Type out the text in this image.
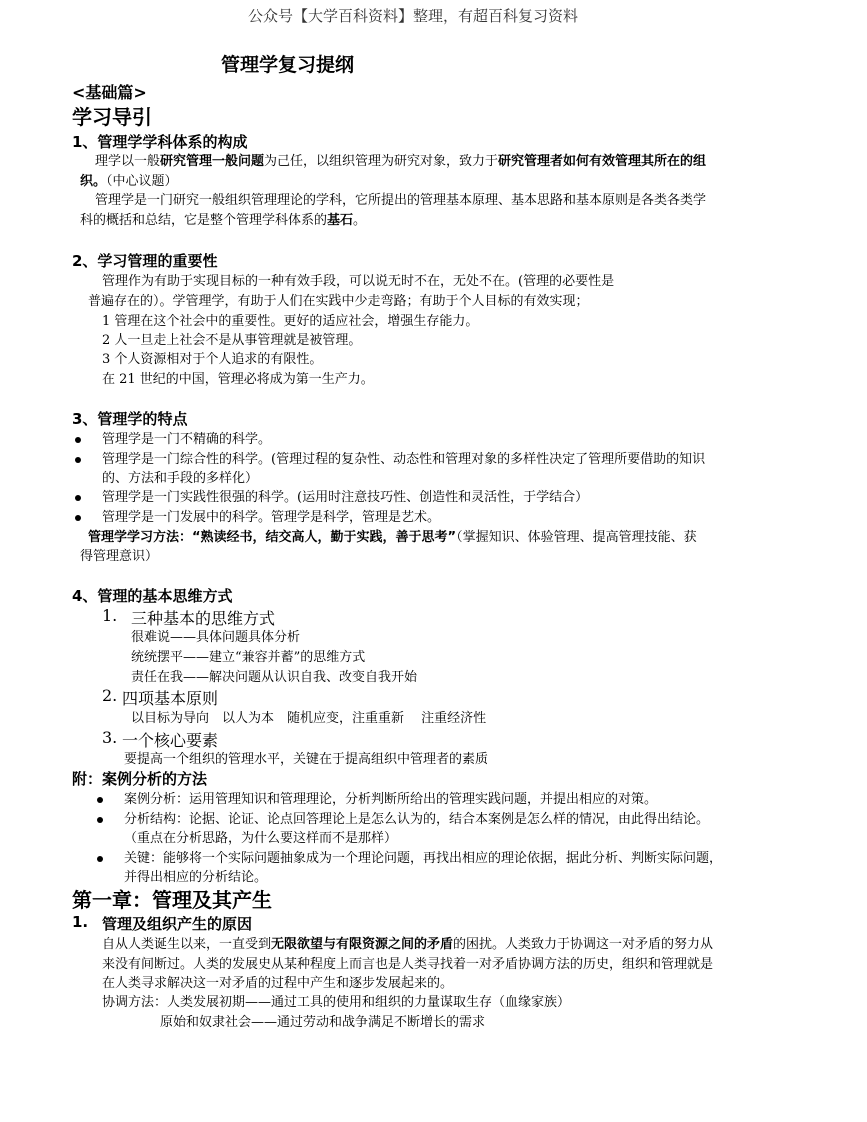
公众号【大学百科资料】整理，有超百科复习资料
管理学复习提纲
<基础篇>
学习导引
1、管理学学科体系的构成
理学以一般研究管理一般问题为己任，以组织管理为研究对象，致力于研究管理者如何有效管理其所在的组
织。（中心议题）
管理学是一门研究一般组织管理理论的学科，它所提出的管理基本原理、基本思路和基本原则是各类各类学
科的概括和总结，它是整个管理学科体系的基石。
2、学习管理的重要性
管理作为有助于实现目标的一种有效手段，可以说无时不在，无处不在。(管理的必要性是
普遍存在的）。学管理学，有助于人们在实践中少走弯路；有助于个人目标的有效实现；
1 管理在这个社会中的重要性。更好的适应社会，增强生存能力。
2 人一旦走上社会不是从事管理就是被管理。
3 个人资源相对于个人追求的有限性。
在 21 世纪的中国，管理必将成为第一生产力。
3、管理学的特点
管理学是一门不精确的科学。
管理学是一门综合性的科学。(管理过程的复杂性、动态性和管理对象的多样性决定了管理所要借助的知识
的、方法和手段的多样化）
管理学是一门实践性很强的科学。(运用时注意技巧性、创造性和灵活性，于学结合）
管理学是一门发展中的科学。管理学是科学，管理是艺术。
管理学学习方法：“熟读经书，结交高人，勤于实践，善于思考”（掌握知识、体验管理、提高管理技能、获
得管理意识）
4、管理的基本思维方式
1. 三种基本的思维方式
很难说——具体问题具体分析
统统摆平——建立“兼容并蓄”的思维方式
责任在我——解决问题从认识自我、改变自我开始
2. 四项基本原则
以目标为导向　以人为本　随机应变，注重重新　 注重经济性
3. 一个核心要素
要提高一个组织的管理水平，关键在于提高组织中管理者的素质
附：案例分析的方法
案例分析：运用管理知识和管理理论，分析判断所给出的管理实践问题，并提出相应的对策。
分析结构：论据、论证、论点回答理论上是怎么认为的，结合本案例是怎么样的情况，由此得出结论。
（重点在分析思路，为什么要这样而不是那样）
关键：能够将一个实际问题抽象成为一个理论问题，再找出相应的理论依据，据此分析、判断实际问题，
并得出相应的分析结论。
第一章：管理及其产生
1. 管理及组织产生的原因
自从人类诞生以来，一直受到无限欲望与有限资源之间的矛盾的困扰。人类致力于协调这一对矛盾的努力从
来没有间断过。人类的发展史从某种程度上而言也是人类寻找着一对矛盾协调方法的历史，组织和管理就是
在人类寻求解决这一对矛盾的过程中产生和逐步发展起来的。
协调方法：人类发展初期——通过工具的使用和组织的力量谋取生存（血缘家族）
原始和奴隶社会——通过劳动和战争满足不断增长的需求
